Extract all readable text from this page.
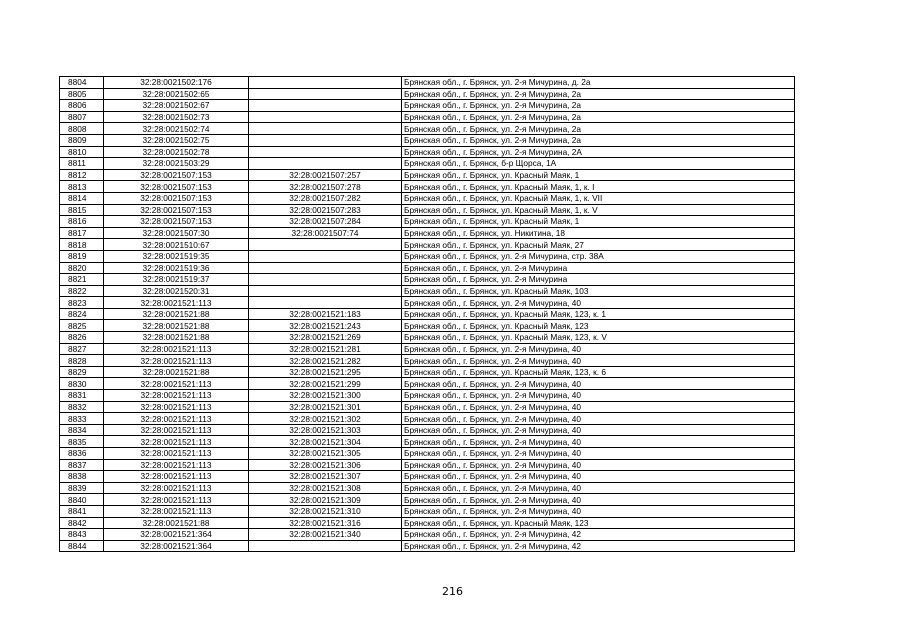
8804	32:28:0021502:176		Брянская обл., г. Брянск, ул. 2-я Мичурина, д. 2а
8805	32:28:0021502:65		Брянская обл., г. Брянск, ул. 2-я Мичурина, 2а
8806	32:28:0021502:67		Брянская обл., г. Брянск, ул. 2-я Мичурина, 2а
8807	32:28:0021502:73		Брянская обл., г. Брянск, ул. 2-я Мичурина, 2а
8808	32:28:0021502:74		Брянская обл., г. Брянск, ул. 2-я Мичурина, 2а
8809	32:28:0021502:75		Брянская обл., г. Брянск, ул. 2-я Мичурина, 2а
8810	32:28:0021502:78		Брянская обл., г. Брянск, ул. 2-я Мичурина, 2А
8811	32:28:0021503:29		Брянская обл., г. Брянск, б-р Щорса, 1А
8812	32:28:0021507:153	32:28:0021507:257	Брянская обл., г. Брянск, ул. Красный Маяк, 1
8813	32:28:0021507:153	32:28:0021507:278	Брянская обл., г. Брянск, ул. Красный Маяк, 1, к. I
8814	32:28:0021507:153	32:28:0021507:282	Брянская обл., г. Брянск, ул. Красный Маяк, 1, к. VII
8815	32:28:0021507:153	32:28:0021507:283	Брянская обл., г. Брянск, ул. Красный Маяк, 1, к. V
8816	32:28:0021507:153	32:28:0021507:284	Брянская обл., г. Брянск, ул. Красный Маяк, 1
8817	32:28:0021507:30	32:28:0021507:74	Брянская обл., г. Брянск, ул. Никитина, 18
8818	32:28:0021510:67		Брянская обл., г. Брянск, ул. Красный Маяк, 27
8819	32:28:0021519:35		Брянская обл., г. Брянск, ул. 2-я Мичурина, стр. 38А
8820	32:28:0021519:36		Брянская обл., г. Брянск, ул. 2-я Мичурина
8821	32:28:0021519:37		Брянская обл., г. Брянск, ул. 2-я Мичурина
8822	32:28:0021520:31		Брянская обл., г. Брянск, ул. Красный Маяк, 103
8823	32:28:0021521:113		Брянская обл., г. Брянск, ул. 2-я Мичурина, 40
8824	32:28:0021521:88	32:28:0021521:183	Брянская обл., г. Брянск, ул. Красный Маяк, 123, к. 1
8825	32:28:0021521:88	32:28:0021521:243	Брянская обл., г. Брянск, ул. Красный Маяк, 123
8826	32:28:0021521:88	32:28:0021521:269	Брянская обл., г. Брянск, ул. Красный Маяк, 123, к. V
8827	32:28:0021521:113	32:28:0021521:281	Брянская обл., г. Брянск, ул. 2-я Мичурина, 40
8828	32:28:0021521:113	32:28:0021521:282	Брянская обл., г. Брянск, ул. 2-я Мичурина, 40
8829	32:28:0021521:88	32:28:0021521:295	Брянская обл., г. Брянск, ул. Красный Маяк, 123, к. 6
8830	32:28:0021521:113	32:28:0021521:299	Брянская обл., г. Брянск, ул. 2-я Мичурина, 40
8831	32:28:0021521:113	32:28:0021521:300	Брянская обл., г. Брянск, ул. 2-я Мичурина, 40
8832	32:28:0021521:113	32:28:0021521:301	Брянская обл., г. Брянск, ул. 2-я Мичурина, 40
8833	32:28:0021521:113	32:28:0021521:302	Брянская обл., г. Брянск, ул. 2-я Мичурина, 40
8834	32:28:0021521:113	32:28:0021521:303	Брянская обл., г. Брянск, ул. 2-я Мичурина, 40
8835	32:28:0021521:113	32:28:0021521:304	Брянская обл., г. Брянск, ул. 2-я Мичурина, 40
8836	32:28:0021521:113	32:28:0021521:305	Брянская обл., г. Брянск, ул. 2-я Мичурина, 40
8837	32:28:0021521:113	32:28:0021521:306	Брянская обл., г. Брянск, ул. 2-я Мичурина, 40
8838	32:28:0021521:113	32:28:0021521:307	Брянская обл., г. Брянск, ул. 2-я Мичурина, 40
8839	32:28:0021521:113	32:28:0021521:308	Брянская обл., г. Брянск, ул. 2-я Мичурина, 40
8840	32:28:0021521:113	32:28:0021521:309	Брянская обл., г. Брянск, ул. 2-я Мичурина, 40
8841	32:28:0021521:113	32:28:0021521:310	Брянская обл., г. Брянск, ул. 2-я Мичурина, 40
8842	32:28:0021521:88	32:28:0021521:316	Брянская обл., г. Брянск, ул. Красный Маяк, 123
8843	32:28:0021521:364	32:28:0021521:340	Брянская обл., г. Брянск, ул. 2-я Мичурина, 42
8844	32:28:0021521:364		Брянская обл., г. Брянск, ул. 2-я Мичурина, 42
216
